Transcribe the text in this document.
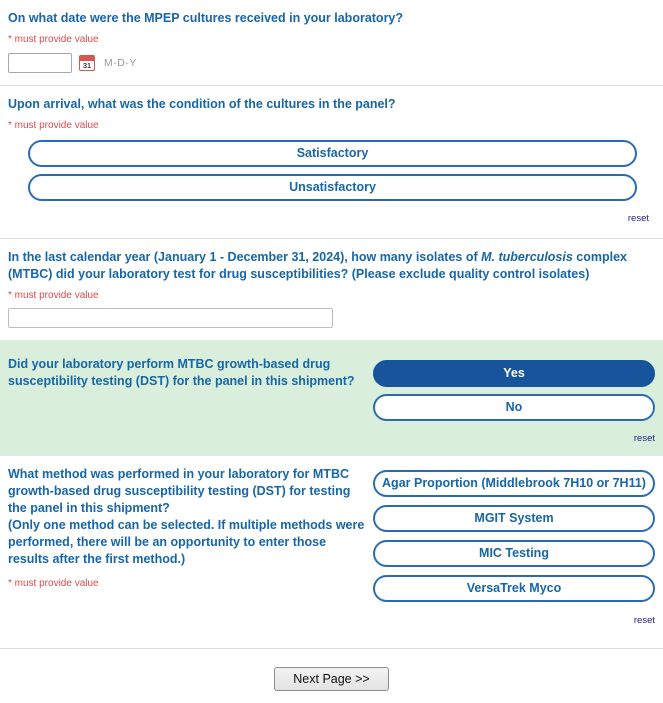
On what date were the MPEP cultures received in your laboratory?
* must provide value
31 M-D-Y
Upon arrival, what was the condition of the cultures in the panel?
* must provide value
Satisfactory
Unsatisfactory
reset
In the last calendar year (January 1 - December 31, 2024), how many isolates of M. tuberculosis complex (MTBC) did your laboratory test for drug susceptibilities? (Please exclude quality control isolates)
* must provide value
Did your laboratory perform MTBC growth-based drug susceptibility testing (DST) for the panel in this shipment?
Yes
No
reset
What method was performed in your laboratory for MTBC growth-based drug susceptibility testing (DST) for testing the panel in this shipment?
(Only one method can be selected. If multiple methods were performed, there will be an opportunity to enter those results after the first method.)
* must provide value
Agar Proportion (Middlebrook 7H10 or 7H11)
MGIT System
MIC Testing
VersaTrek Myco
reset
Next Page >>
